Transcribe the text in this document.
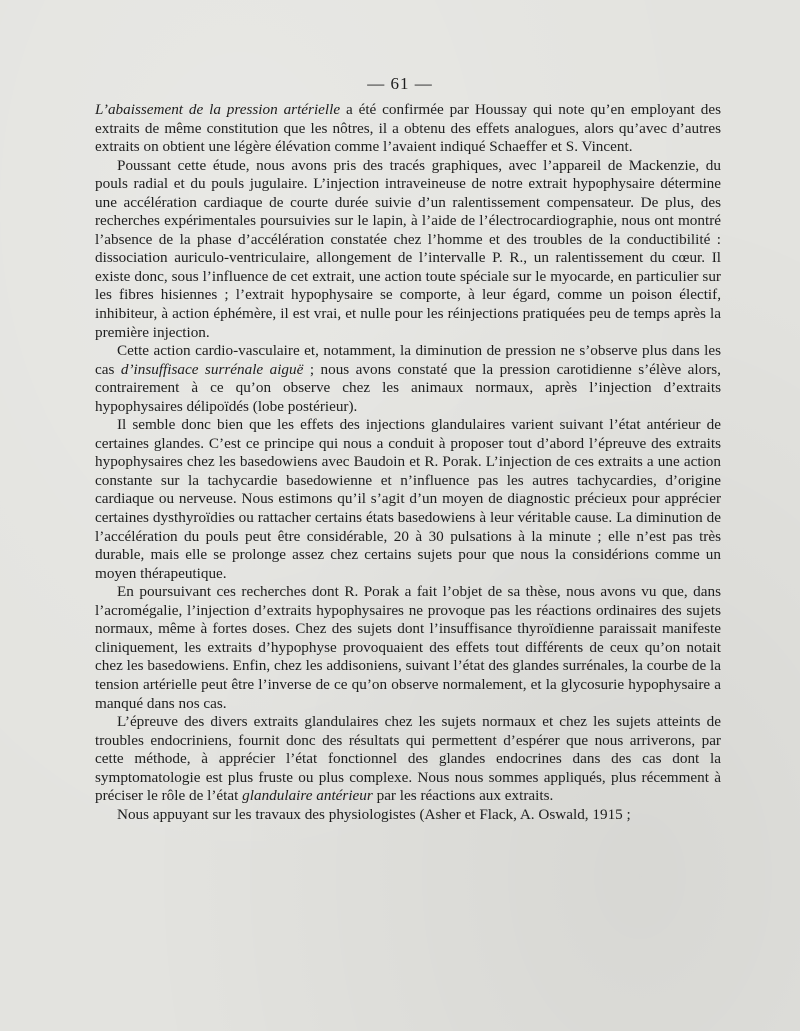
— 61 —

L’abaissement de la pression artérielle a été confirmée par Houssay qui note qu’en employant des extraits de même constitution que les nôtres, il a obtenu des effets analogues, alors qu’avec d’autres extraits on obtient une légère élévation comme l’avaient indiqué Schaeffer et S. Vincent.

Poussant cette étude, nous avons pris des tracés graphiques, avec l’appareil de Mackenzie, du pouls radial et du pouls jugulaire. L’injection intraveineuse de notre extrait hypophysaire détermine une accélération cardiaque de courte durée suivie d’un ralentissement compensateur. De plus, des recherches expérimentales poursuivies sur le lapin, à l’aide de l’électrocardiographie, nous ont montré l’absence de la phase d’accélération constatée chez l’homme et des troubles de la conductibilité : dissociation auriculo-ventriculaire, allongement de l’intervalle P. R., un ralentissement du cœur. Il existe donc, sous l’influence de cet extrait, une action toute spéciale sur le myocarde, en particulier sur les fibres hisiennes ; l’extrait hypophysaire se comporte, à leur égard, comme un poison électif, inhibiteur, à action éphémère, il est vrai, et nulle pour les réinjections pratiquées peu de temps après la première injection.

Cette action cardio-vasculaire et, notamment, la diminution de pression ne s’observe plus dans les cas d’insuffisace surrénale aiguë ; nous avons constaté que la pression carotidienne s’élève alors, contrairement à ce qu’on observe chez les animaux normaux, après l’injection d’extraits hypophysaires délipoïdés (lobe postérieur).

Il semble donc bien que les effets des injections glandulaires varient suivant l’état antérieur de certaines glandes. C’est ce principe qui nous a conduit à proposer tout d’abord l’épreuve des extraits hypophysaires chez les basedowiens avec Baudoin et R. Porak. L’injection de ces extraits a une action constante sur la tachycardie basedowienne et n’influence pas les autres tachycardies, d’origine cardiaque ou nerveuse. Nous estimons qu’il s’agit d’un moyen de diagnostic précieux pour apprécier certaines dysthyroïdies ou rattacher certains états basedowiens à leur véritable cause. La diminution de l’accélération du pouls peut être considérable, 20 à 30 pulsations à la minute ; elle n’est pas très durable, mais elle se prolonge assez chez certains sujets pour que nous la considérions comme un moyen thérapeutique.

En poursuivant ces recherches dont R. Porak a fait l’objet de sa thèse, nous avons vu que, dans l’acromégalie, l’injection d’extraits hypophysaires ne provoque pas les réactions ordinaires des sujets normaux, même à fortes doses. Chez des sujets dont l’insuffisance thyroïdienne paraissait manifeste cliniquement, les extraits d’hypophyse provoquaient des effets tout différents de ceux qu’on notait chez les basedowiens. Enfin, chez les addisoniens, suivant l’état des glandes surrénales, la courbe de la tension artérielle peut être l’inverse de ce qu’on observe normalement, et la glycosurie hypophysaire a manqué dans nos cas.

L’épreuve des divers extraits glandulaires chez les sujets normaux et chez les sujets atteints de troubles endocriniens, fournit donc des résultats qui permettent d’espérer que nous arriverons, par cette méthode, à apprécier l’état fonctionnel des glandes endocrines dans des cas dont la symptomatologie est plus fruste ou plus complexe. Nous nous sommes appliqués, plus récemment à préciser le rôle de l’état glandulaire antérieur par les réactions aux extraits.

Nous appuyant sur les travaux des physiologistes (Asher et Flack, A. Oswald, 1915 ;
